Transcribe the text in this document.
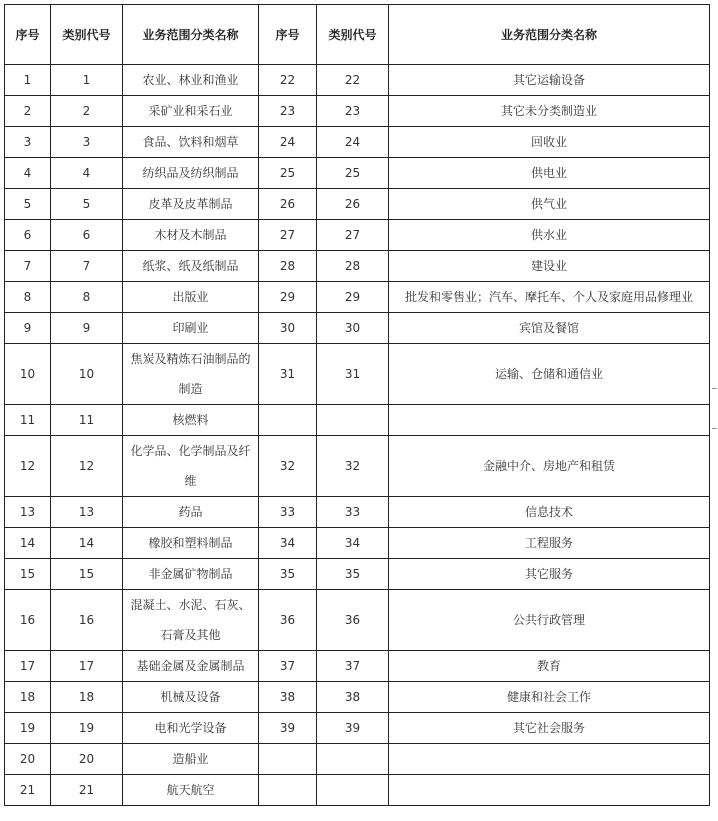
序号	类别代号	业务范围分类名称	序号	类别代号	业务范围分类名称
1	1	农业、林业和渔业	22	22	其它运输设备
2	2	采矿业和采石业	23	23	其它未分类制造业
3	3	食品、饮料和烟草	24	24	回收业
4	4	纺织品及纺织制品	25	25	供电业
5	5	皮革及皮革制品	26	26	供气业
6	6	木材及木制品	27	27	供水业
7	7	纸浆、纸及纸制品	28	28	建设业
8	8	出版业	29	29	批发和零售业；汽车、摩托车、个人及家庭用品修理业
9	9	印刷业	30	30	宾馆及餐馆
10	10	焦炭及精炼石油制品的制造	31	31	运输、仓储和通信业
11	11	核燃料			
12	12	化学品、化学制品及纤维	32	32	金融中介、房地产和租赁
13	13	药品	33	33	信息技术
14	14	橡胶和塑料制品	34	34	工程服务
15	15	非金属矿物制品	35	35	其它服务
16	16	混凝土、水泥、石灰、石膏及其他	36	36	公共行政管理
17	17	基础金属及金属制品	37	37	教育
18	18	机械及设备	38	38	健康和社会工作
19	19	电和光学设备	39	39	其它社会服务
20	20	造船业			
21	21	航天航空			
